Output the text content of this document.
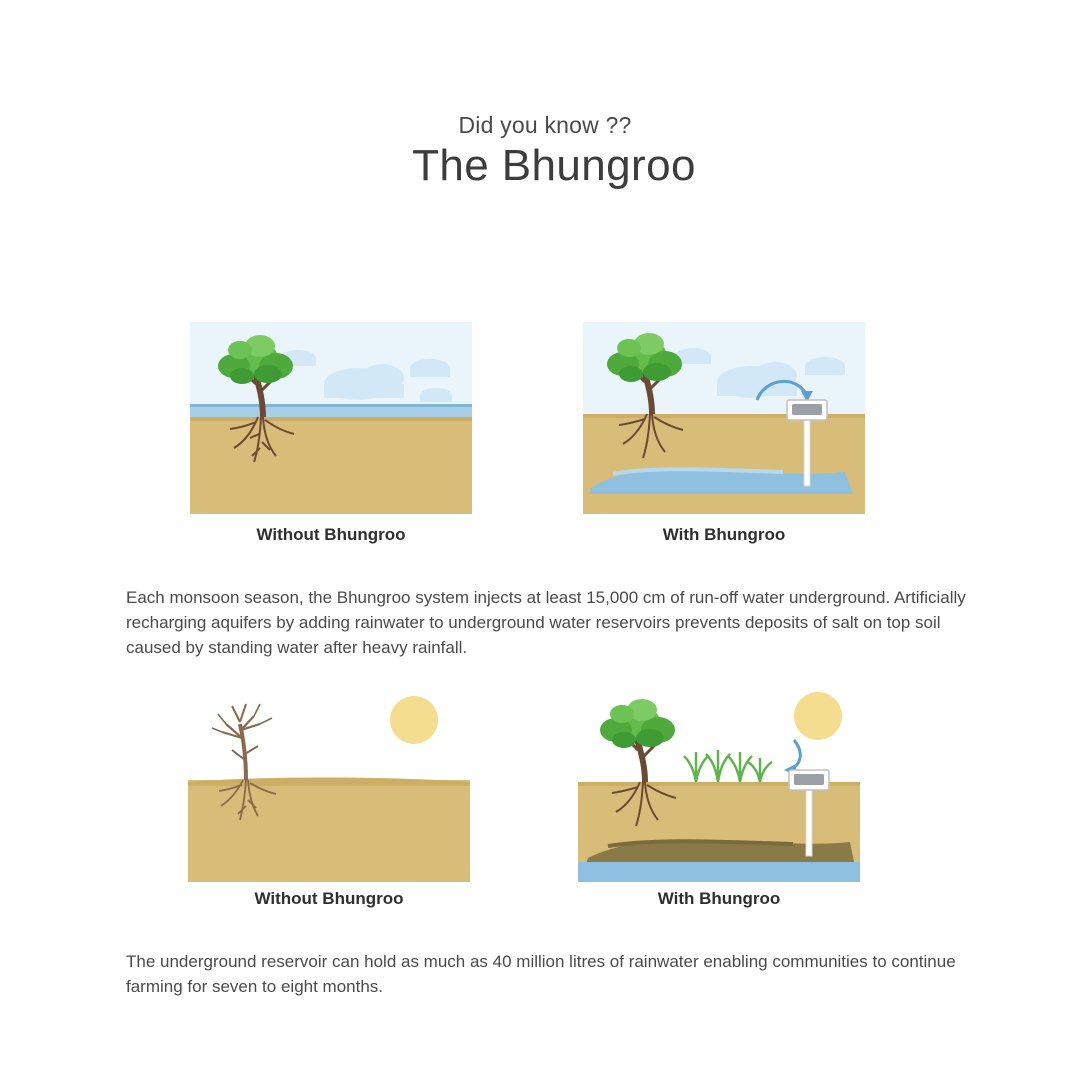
Did you know ??

The Bhungroo
Without Bhungroo	With Bhungroo

Each monsoon season, the Bhungroo system injects at least 15,000 cm of run-off water underground. Artificially recharging aquifers by adding rainwater to underground water reservoirs prevents deposits of salt on top soil caused by standing water after heavy rainfall.

Without Bhungroo	With Bhungroo

The underground reservoir can hold as much as 40 million litres of rainwater enabling communities to continue farming for seven to eight months.
